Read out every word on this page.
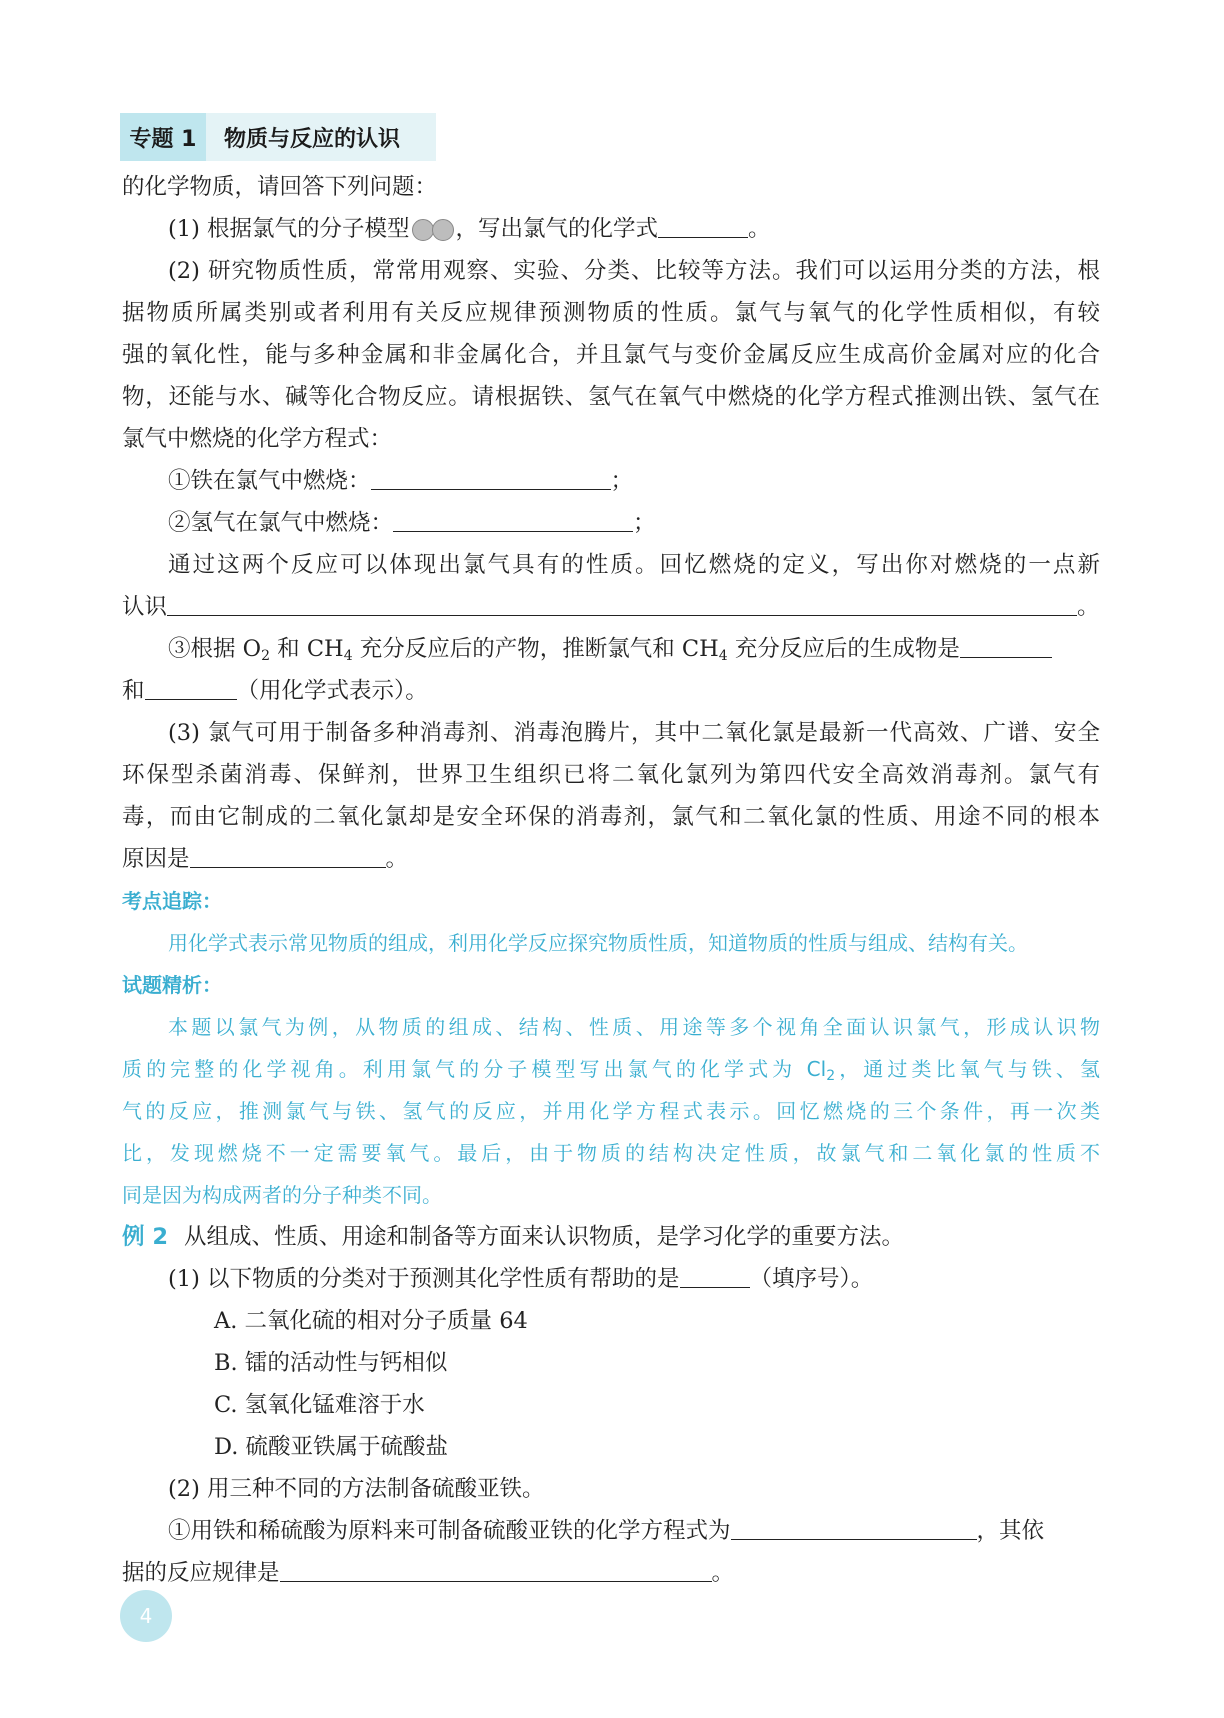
专题 1	物质与反应的认识
的化学物质，请回答下列问题：
(1) 根据氯气的分子模型 ，写出氯气的化学式	。
(2) 研究物质性质，常常用观察、实验、分类、比较等方法。我们可以运用分类的方法，根
据物质所属类别或者利用有关反应规律预测物质的性质。氯气与氧气的化学性质相似，有较
强的氧化性，能与多种金属和非金属化合，并且氯气与变价金属反应生成高价金属对应的化合
物，还能与水、碱等化合物反应。请根据铁、氢气在氧气中燃烧的化学方程式推测出铁、氢气在
氯气中燃烧的化学方程式：
①铁在氯气中燃烧：	；
②氢气在氯气中燃烧：	；
通过这两个反应可以体现出氯气具有的性质。回忆燃烧的定义，写出你对燃烧的一点新
认识	。
③根据 $O_2$ 和 $CH_4$ 充分反应后的产物，推断氯气和 $CH_4$ 充分反应后的生成物是
和	（用化学式表示）。
(3) 氯气可用于制备多种消毒剂、消毒泡腾片，其中二氧化氯是最新一代高效、广谱、安全
环保型杀菌消毒、保鲜剂，世界卫生组织已将二氧化氯列为第四代安全高效消毒剂。氯气有
毒，而由它制成的二氧化氯却是安全环保的消毒剂，氯气和二氧化氯的性质、用途不同的根本
原因是	。
考点追踪：
用化学式表示常见物质的组成，利用化学反应探究物质性质，知道物质的性质与组成、结构有关。
试题精析：
本题以氯气为例，从物质的组成、结构、性质、用途等多个视角全面认识氯气，形成认识物
质的完整的化学视角。利用氯气的分子模型写出氯气的化学式为 $Cl_2$，通过类比氧气与铁、氢
气的反应，推测氯气与铁、氢气的反应，并用化学方程式表示。回忆燃烧的三个条件，再一次类
比，发现燃烧不一定需要氧气。最后，由于物质的结构决定性质，故氯气和二氧化氯的性质不
同是因为构成两者的分子种类不同。
例 2 从组成、性质、用途和制备等方面来认识物质，是学习化学的重要方法。
(1) 以下物质的分类对于预测其化学性质有帮助的是	（填序号）。
A. 二氧化硫的相对分子质量 64
B. 镭的活动性与钙相似
C. 氢氧化锰难溶于水
D. 硫酸亚铁属于硫酸盐
(2) 用三种不同的方法制备硫酸亚铁。
①用铁和稀硫酸为原料来可制备硫酸亚铁的化学方程式为	，其依
据的反应规律是	。
4
